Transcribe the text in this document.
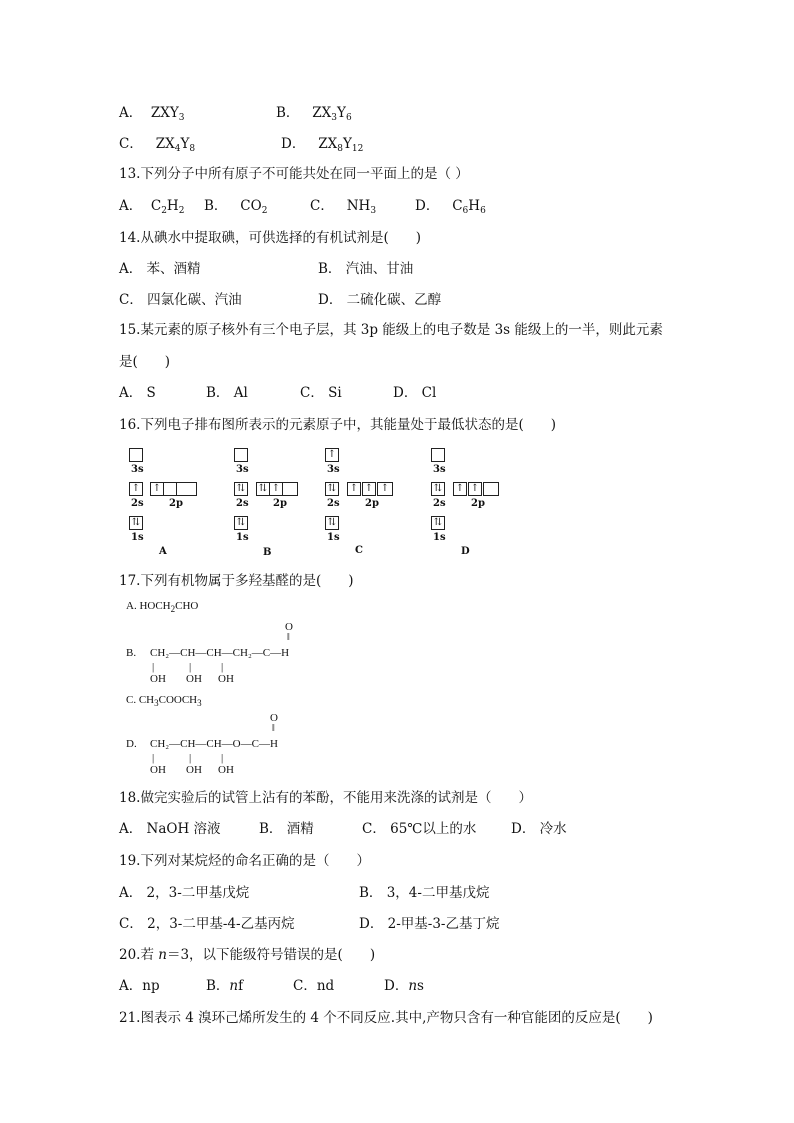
A． $ZXY_3$	B． $ZX_3Y_6$
C． $ZX_4Y_8$	D． $ZX_8Y_{12}$
13.下列分子中所有原子不可能共处在同一平面上的是（ ）
A． $C_2H_2$ B． $CO_2$	C． $NH_3$	D． $C_6H_6$
14.从碘水中提取碘，可供选择的有机试剂是(　　)
A． 苯、酒精	B． 汽油、甘油
C． 四氯化碳、汽油	D． 二硫化碳、乙醇
15.某元素的原子核外有三个电子层，其 3p 能级上的电子数是 3s 能级上的一半，则此元素
是(　　)
A． S	B． Al	C． Si	D． Cl
16.下列电子排布图所表示的元素原子中，其能量处于最低状态的是(　　)
3s
↑ ↑
2s	2p
⇅
1s
A
3s
⇅ ⇅ ↑
2s 2p
⇅
1s
B
↑
3s
⇅ ↑ ↑ ↑
2s	2p
⇅
1s
C
3s
⇅ ↑ ↑
2s	2p
⇅
1s
D
17.下列有机物属于多羟基醛的是(　　)
A. $HOCH_2CHO$
B.
O
‖
CH₂—CH—CH—CH₂—C—H
|	|	|
OH OH OH
C. $CH_3COOCH_3$
D.
O
‖
CH₂—CH—CH—O—C—H
|	|	|
OH OH OH
18.做完实验后的试管上沾有的苯酚，不能用来洗涤的试剂是（　　）
A． NaOH 溶液	B． 酒精	C． 65℃以上的水	D． 冷水
19.下列对某烷烃的命名正确的是（　　）
A． 2，3-二甲基戊烷	B． 3，4-二甲基戊烷
C． 2，3-二甲基-4-乙基丙烷	D． 2-甲基-3-乙基丁烷
20.若 n＝3，以下能级符号错误的是(　　)
A．np	B．nf	C．nd	D．ns
21.图表示 4 溴环己烯所发生的 4 个不同反应.其中,产物只含有一种官能团的反应是(　　)
